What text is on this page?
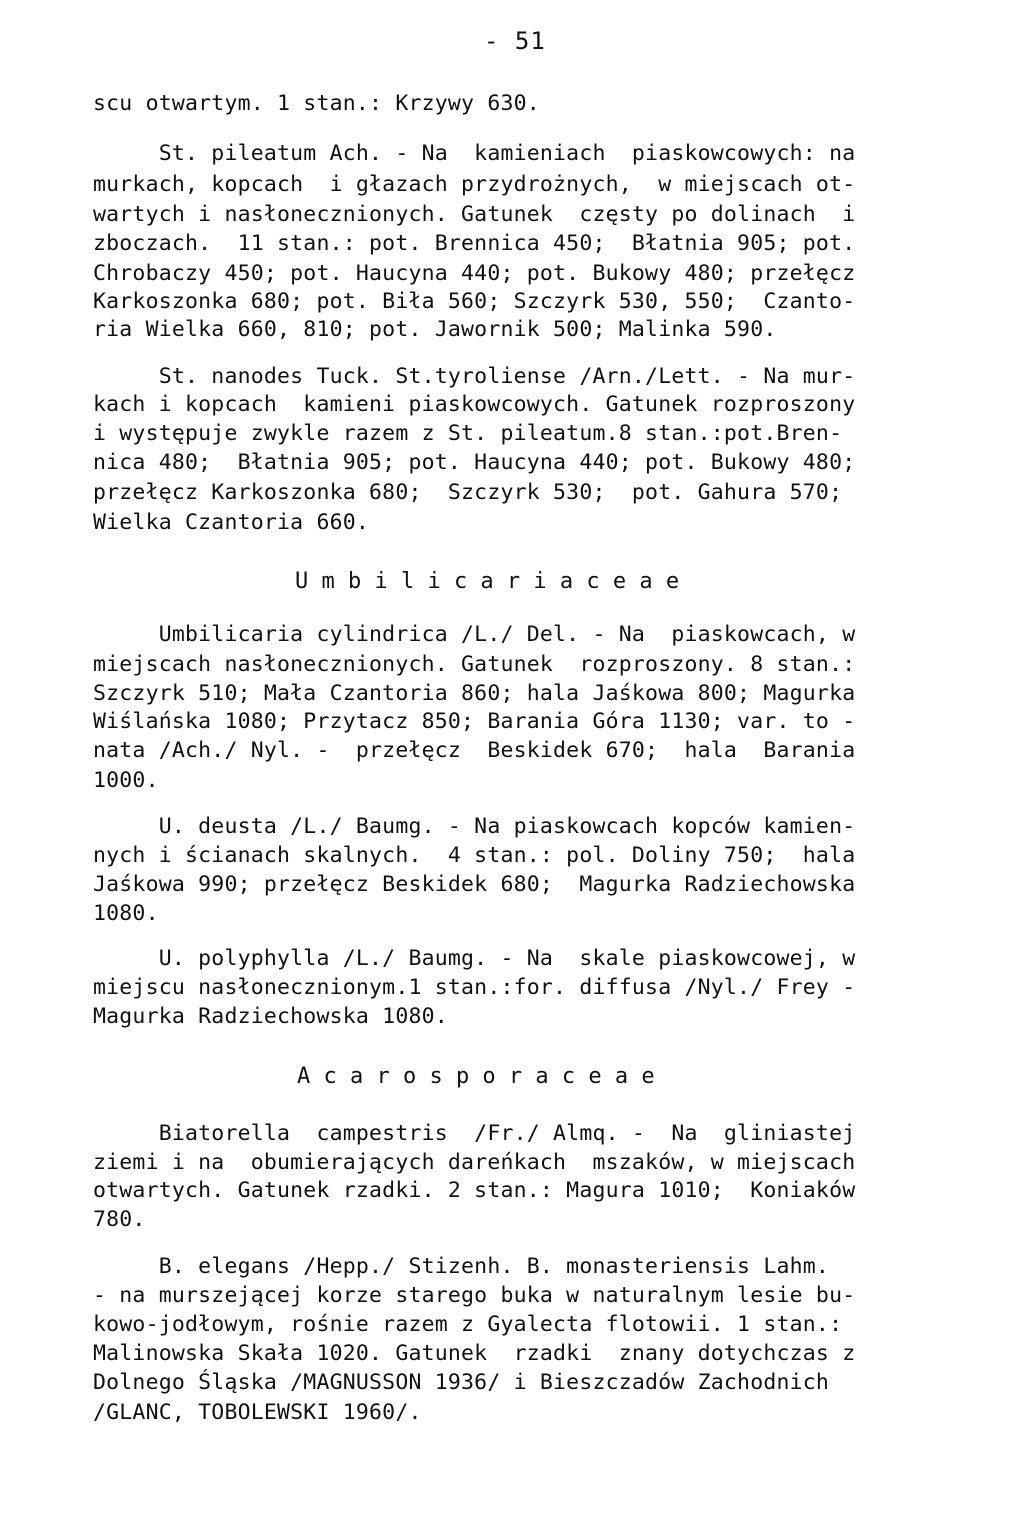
- 51
scu otwartym. 1 stan.: Krzywy 630.
St. pileatum Ach. - Na  kamieniach  piaskowcowych: na
murkach, kopcach  i głazach przydrożnych,  w miejscach ot-
wartych i nasłonecznionych. Gatunek  częsty po dolinach  i
zboczach.  11 stan.: pot. Brennica 450;  Błatnia 905; pot.
Chrobaczy 450; pot. Haucyna 440; pot. Bukowy 480; przełęcz
Karkoszonka 680; pot. Biła 560; Szczyrk 530, 550;  Czanto-
ria Wielka 660, 810; pot. Jawornik 500; Malinka 590.
St. nanodes Tuck. St.tyroliense /Arn./Lett. - Na mur-
kach i kopcach  kamieni piaskowcowych. Gatunek rozproszony
i występuje zwykle razem z St. pileatum.8 stan.:pot.Bren-
nica 480;  Błatnia 905; pot. Haucyna 440; pot. Bukowy 480;
przełęcz Karkoszonka 680;  Szczyrk 530;  pot. Gahura 570;
Wielka Czantoria 660.
U m b i l i c a r i a c e a e
Umbilicaria cylindrica /L./ Del. - Na  piaskowcach, w
miejscach nasłonecznionych. Gatunek  rozproszony. 8 stan.:
Szczyrk 510; Mała Czantoria 860; hala Jaśkowa 800; Magurka
Wiślańska 1080; Przytacz 850; Barania Góra 1130; var. to -
nata /Ach./ Nyl. -  przełęcz  Beskidek 670;  hala  Barania
1000.
U. deusta /L./ Baumg. - Na piaskowcach kopców kamien-
nych i ścianach skalnych.  4 stan.: pol. Doliny 750;  hala
Jaśkowa 990; przełęcz Beskidek 680;  Magurka Radziechowska
1080.
U. polyphylla /L./ Baumg. - Na  skale piaskowcowej, w
miejscu nasłonecznionym.1 stan.:for. diffusa /Nyl./ Frey -
Magurka Radziechowska 1080.
A c a r o s p o r a c e a e
Biatorella  campestris  /Fr./ Almq. -  Na  gliniastej
ziemi i na  obumierających dareńkach  mszaków, w miejscach
otwartych. Gatunek rzadki. 2 stan.: Magura 1010;  Koniaków
780.
B. elegans /Hepp./ Stizenh. B. monasteriensis Lahm.
- na murszejącej korze starego buka w naturalnym lesie bu-
kowo-jodłowym, rośnie razem z Gyalecta flotowii. 1 stan.:
Malinowska Skała 1020. Gatunek  rzadki  znany dotychczas z
Dolnego Śląska /MAGNUSSON 1936/ i Bieszczadów Zachodnich
/GLANC, TOBOLEWSKI 1960/.
